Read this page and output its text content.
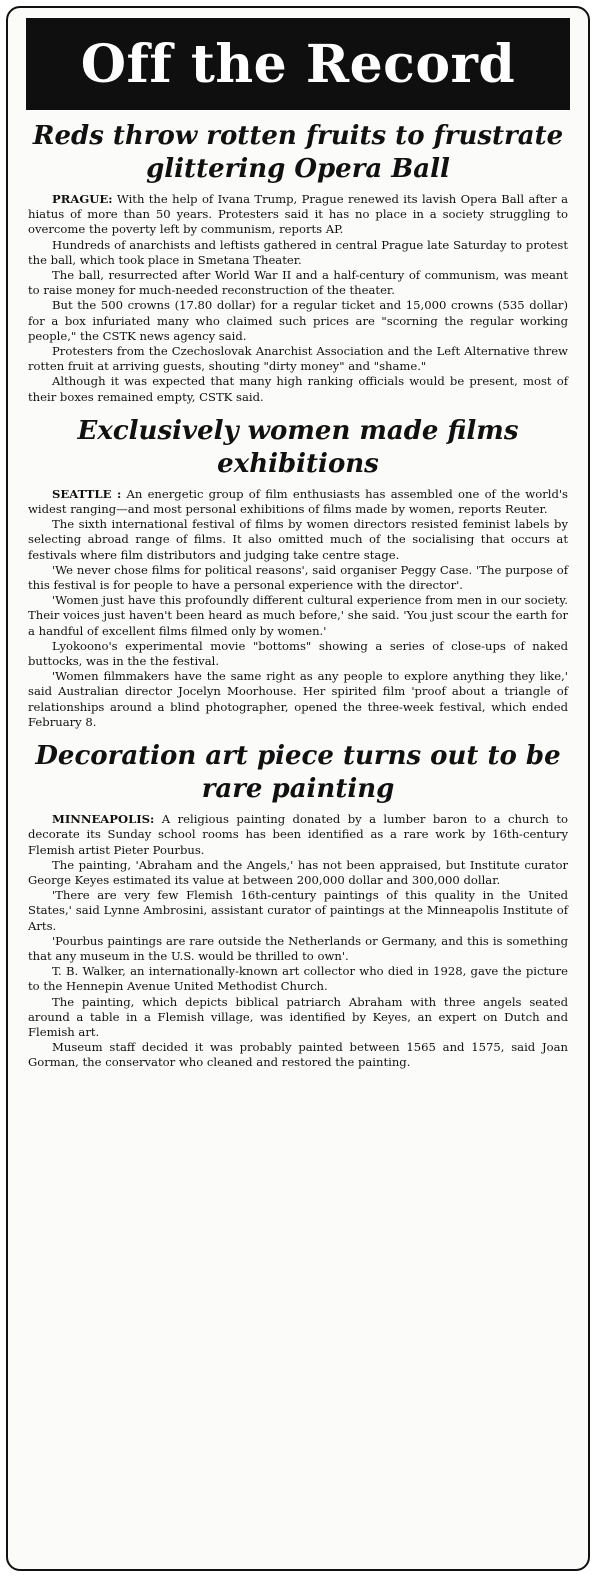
Off the Record
Reds throw rotten fruits to frustrate glittering Opera Ball

PRAGUE: With the help of Ivana Trump, Prague renewed its lavish Opera Ball after a hiatus of more than 50 years. Protesters said it has no place in a society struggling to overcome the poverty left by communism, reports AP.

Hundreds of anarchists and leftists gathered in central Prague late Saturday to protest the ball, which took place in Smetana Theater.

The ball, resurrected after World War II and a half-century of communism, was meant to raise money for much-needed reconstruction of the theater.

But the 500 crowns (17.80 dollar) for a regular ticket and 15,000 crowns (535 dollar) for a box infuriated many who claimed such prices are "scorning the regular working people," the CSTK news agency said.

Protesters from the Czechoslovak Anarchist Association and the Left Alternative threw rotten fruit at arriving guests, shouting "dirty money" and "shame."

Although it was expected that many high ranking officials would be present, most of their boxes remained empty, CSTK said.

Exclusively women made films exhibitions

SEATTLE : An energetic group of film enthusiasts has assembled one of the world's widest ranging—and most personal exhibitions of films made by women, reports Reuter.

The sixth international festival of films by women directors resisted feminist labels by selecting abroad range of films. It also omitted much of the socialising that occurs at festivals where film distributors and judging take centre stage.

'We never chose films for political reasons', said organiser Peggy Case. 'The purpose of this festival is for people to have a personal experience with the director'.

'Women just have this profoundly different cultural experience from men in our society. Their voices just haven't been heard as much before,' she said. 'You just scour the earth for a handful of excellent films filmed only by women.'

Lyokoono's experimental movie "bottoms" showing a series of close-ups of naked buttocks, was in the the festival.

'Women filmmakers have the same right as any people to explore anything they like,' said Australian director Jocelyn Moorhouse. Her spirited film 'proof about a triangle of relationships around a blind photographer, opened the three-week festival, which ended February 8.

Decoration art piece turns out to be rare painting

MINNEAPOLIS: A religious painting donated by a lumber baron to a church to decorate its Sunday school rooms has been identified as a rare work by 16th-century Flemish artist Pieter Pourbus.

The painting, 'Abraham and the Angels,' has not been appraised, but Institute curator George Keyes estimated its value at between 200,000 dollar and 300,000 dollar.

'There are very few Flemish 16th-century paintings of this quality in the United States,' said Lynne Ambrosini, assistant curator of paintings at the Minneapolis Institute of Arts.

'Pourbus paintings are rare outside the Netherlands or Germany, and this is something that any museum in the U.S. would be thrilled to own'.

T. B. Walker, an internationally-known art collector who died in 1928, gave the picture to the Hennepin Avenue United Methodist Church.

The painting, which depicts biblical patriarch Abraham with three angels seated around a table in a Flemish village, was identified by Keyes, an expert on Dutch and Flemish art.

Museum staff decided it was probably painted between 1565 and 1575, said Joan Gorman, the conservator who cleaned and restored the painting.
